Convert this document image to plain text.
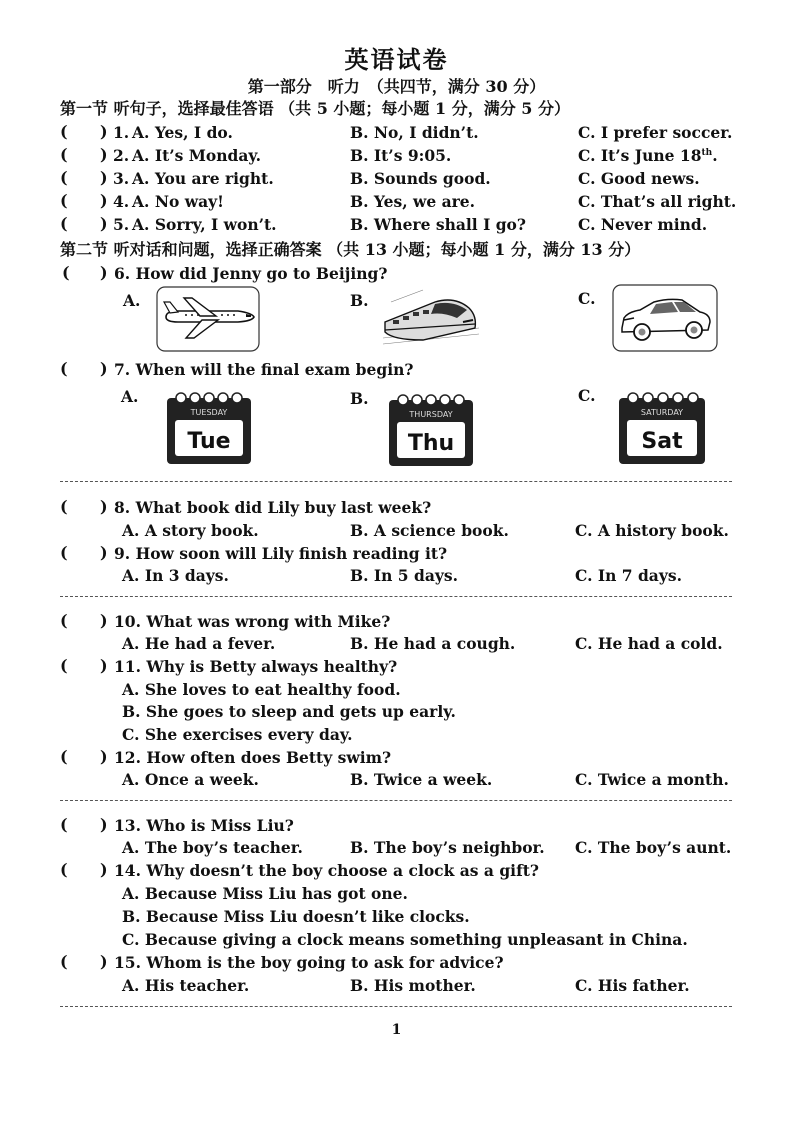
英语试卷
第一部分　听力　（共四节，满分 30 分）
第一节 听句子，选择最佳答语 （共 5 小题；每小题 1 分，满分 5 分）
( ) 1. A. Yes, I do.	B. No, I didn’t.	C. I prefer soccer.
( ) 2. A. It’s Monday.	B. It’s 9:05.	C. It’s June 18th.
( ) 3. A. You are right.	B. Sounds good.	C. Good news.
( ) 4. A. No way!	B. Yes, we are.	C. That’s all right.
( ) 5. A. Sorry, I won’t.	B. Where shall I go?	C. Never mind.
第二节 听对话和问题，选择正确答案 （共 13 小题；每小题 1 分，满分 13 分）
( ) 6. How did Jenny go to Beijing?
A.	B.	C.
( ) 7. When will the final exam begin?
A.	B.	C.
TUESDAY
Tue
THURSDAY
Thu
SATURDAY
Sat
( ) 8. What book did Lily buy last week?
A. A story book.	B. A science book.	C. A history book.
( ) 9. How soon will Lily finish reading it?
A. In 3 days.	B. In 5 days.	C. In 7 days.
( ) 10. What was wrong with Mike?
A. He had a fever.	B. He had a cough.	C. He had a cold.
( ) 11. Why is Betty always healthy?
A. She loves to eat healthy food.
B. She goes to sleep and gets up early.
C. She exercises every day.
( ) 12. How often does Betty swim?
A. Once a week.	B. Twice a week.	C. Twice a month.
( ) 13. Who is Miss Liu?
A. The boy’s teacher.	B. The boy’s neighbor. C. The boy’s aunt.
( ) 14. Why doesn’t the boy choose a clock as a gift?
A. Because Miss Liu has got one.
B. Because Miss Liu doesn’t like clocks.
C. Because giving a clock means something unpleasant in China.
( ) 15. Whom is the boy going to ask for advice?
A. His teacher.	B. His mother.	C. His father.
1
